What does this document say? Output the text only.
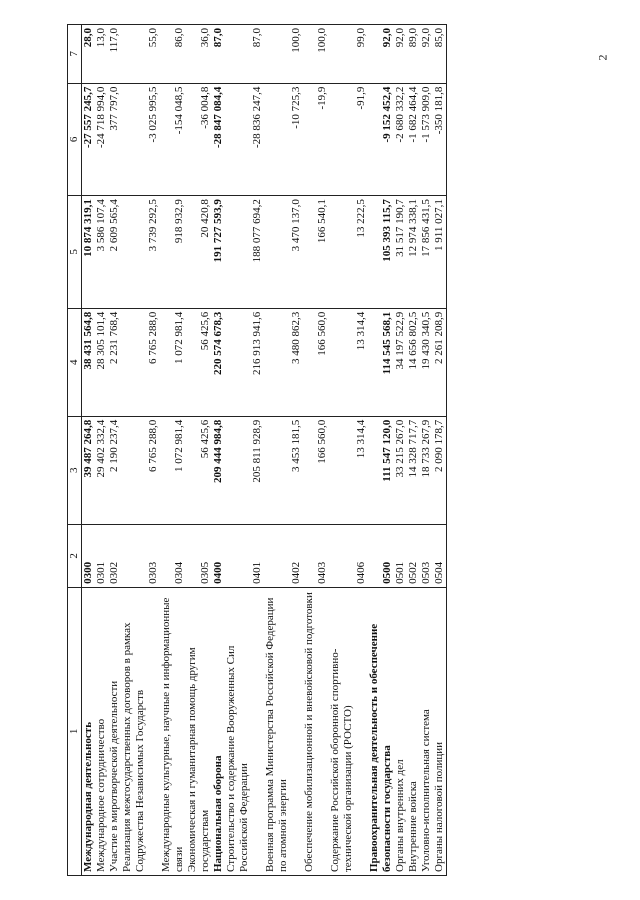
2
1	2	3	4	5	6	7
Международная деятельность	0300	39 487 264,8	38 431 564,8	10 874 319,1	-27 557 245,7	28,0
Международное сотрудничество	0301	29 402 332,4	28 305 101,4	3 586 107,4	-24 718 994,0	13,0
Участие в миротворческой деятельности	0302	2 190 237,4	2 231 768,4	2 609 565,4	377 797,0	117,0
Реализация межгосударственных договоров в рамках Содружества Независимых Государств	0303	6 765 288,0	6 765 288,0	3 739 292,5	-3 025 995,5	55,0
Международные культурные, научные и информационные связи	0304	1 072 981,4	1 072 981,4	918 932,9	-154 048,5	86,0
Экономическая и гуманитарная помощь другим государствам	0305	56 425,6	56 425,6	20 420,8	-36 004,8	36,0
Национальная оборона	0400	209 444 984,8	220 574 678,3	191 727 593,9	-28 847 084,4	87,0
Строительство и содержание Вооруженных Сил Российской Федерации	0401	205 811 928,9	216 913 941,6	188 077 694,2	-28 836 247,4	87,0
Военная программа Министерства Российской Федерации по атомной энергии	0402	3 453 181,5	3 480 862,3	3 470 137,0	-10 725,3	100,0
Обеспечение мобилизационной и вневойсковой подготовки	0403	166 560,0	166 560,0	166 540,1	-19,9	100,0
Содержание Российской оборонной спортивно-технической организации (РОСТО)	0406	13 314,4	13 314,4	13 222,5	-91,9	99,0
Правоохранительная деятельность и обеспечение безопасности государства	0500	111 547 120,0	114 545 568,1	105 393 115,7	-9 152 452,4	92,0
Органы внутренних дел	0501	33 215 267,0	34 197 522,9	31 517 190,7	-2 680 332,2	92,0
Внутренние войска	0502	14 328 717,7	14 656 802,5	12 974 338,1	-1 682 464,4	89,0
Уголовно-исполнительная система	0503	18 733 267,9	19 430 340,5	17 856 431,5	-1 573 909,0	92,0
Органы налоговой полиции	0504	2 090 178,7	2 261 208,9	1 911 027,1	-350 181,8	85,0
